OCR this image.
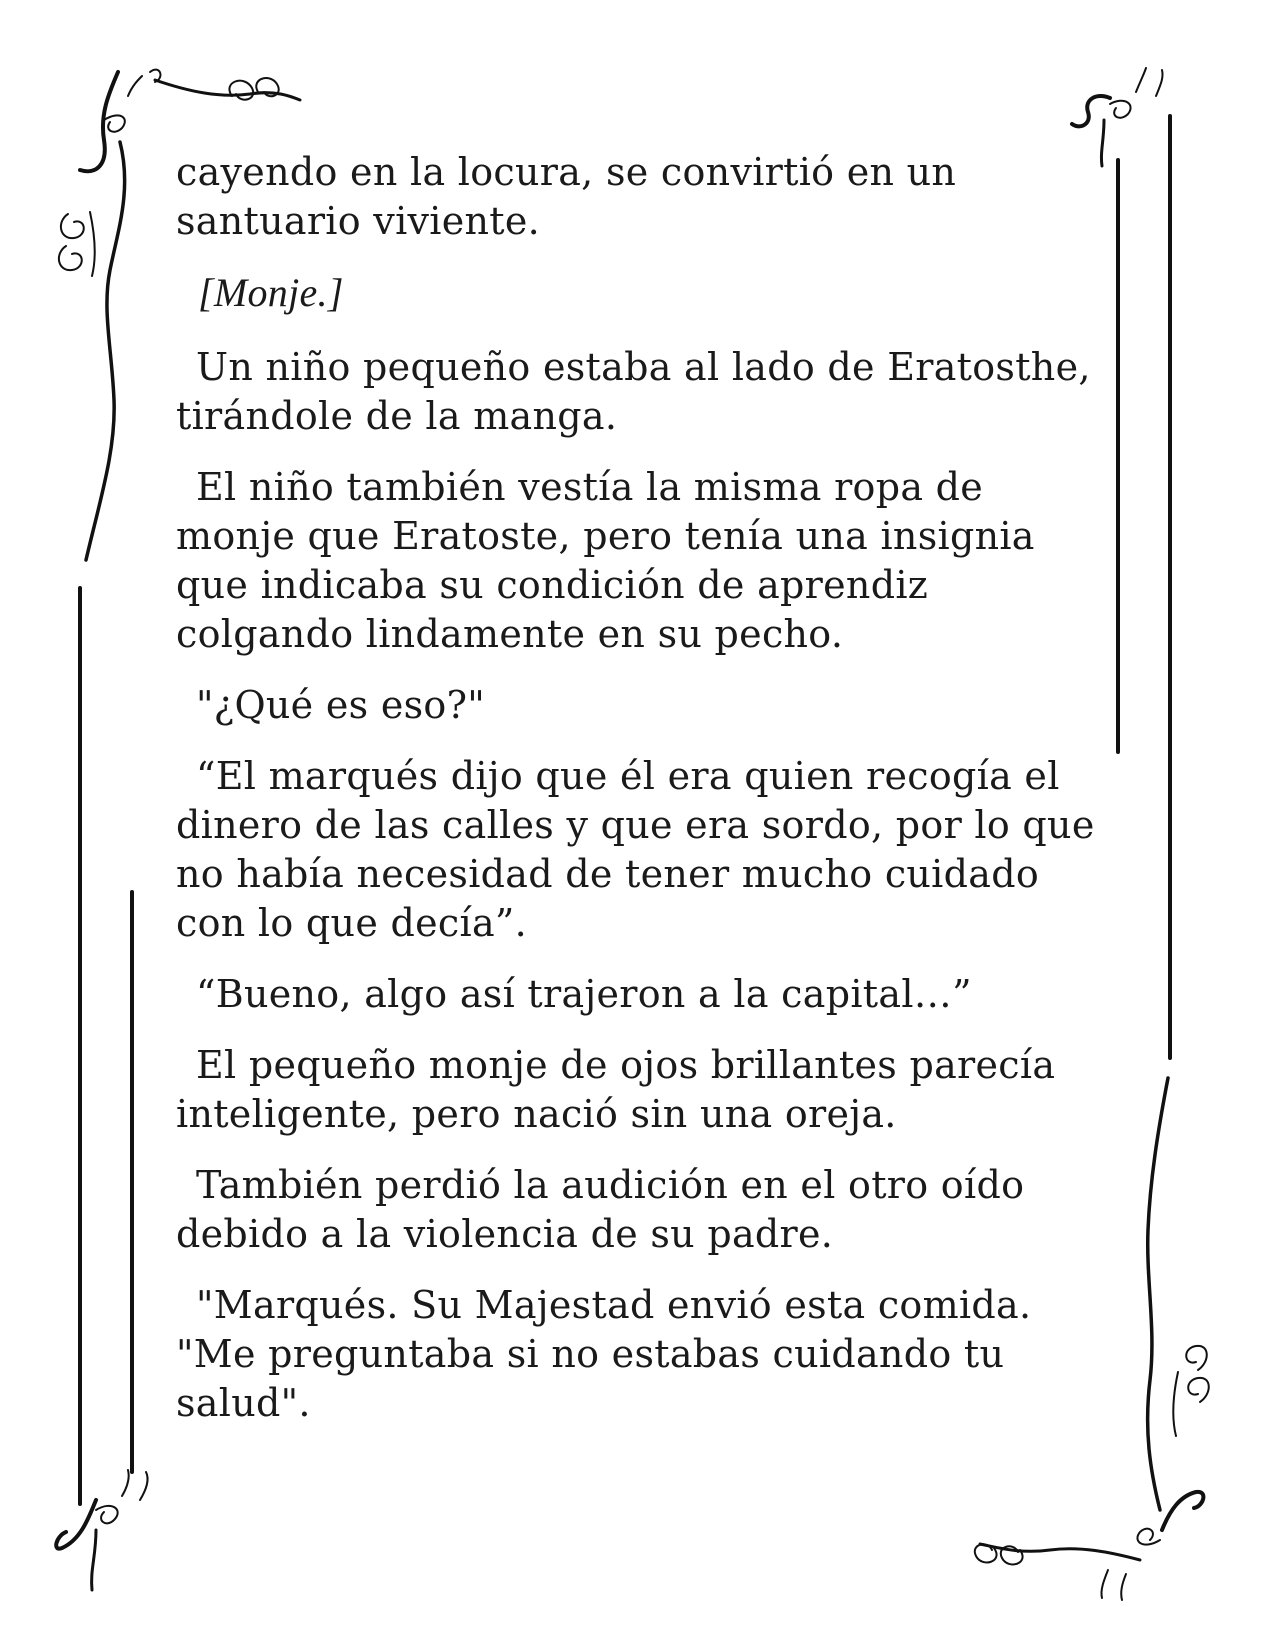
cayendo en la locura, se convirtió en un santuario viviente.

[Monje.]

Un niño pequeño estaba al lado de Eratosthe, tirándole de la manga.

El niño también vestía la misma ropa de monje que Eratoste, pero tenía una insignia que indicaba su condición de aprendiz colgando lindamente en su pecho.

"¿Qué es eso?"

“El marqués dijo que él era quien recogía el dinero de las calles y que era sordo, por lo que no había necesidad de tener mucho cuidado con lo que decía”.

“Bueno, algo así trajeron a la capital…”

El pequeño monje de ojos brillantes parecía inteligente, pero nació sin una oreja.

También perdió la audición en el otro oído debido a la violencia de su padre.

"Marqués. Su Majestad envió esta comida. "Me preguntaba si no estabas cuidando tu salud".
